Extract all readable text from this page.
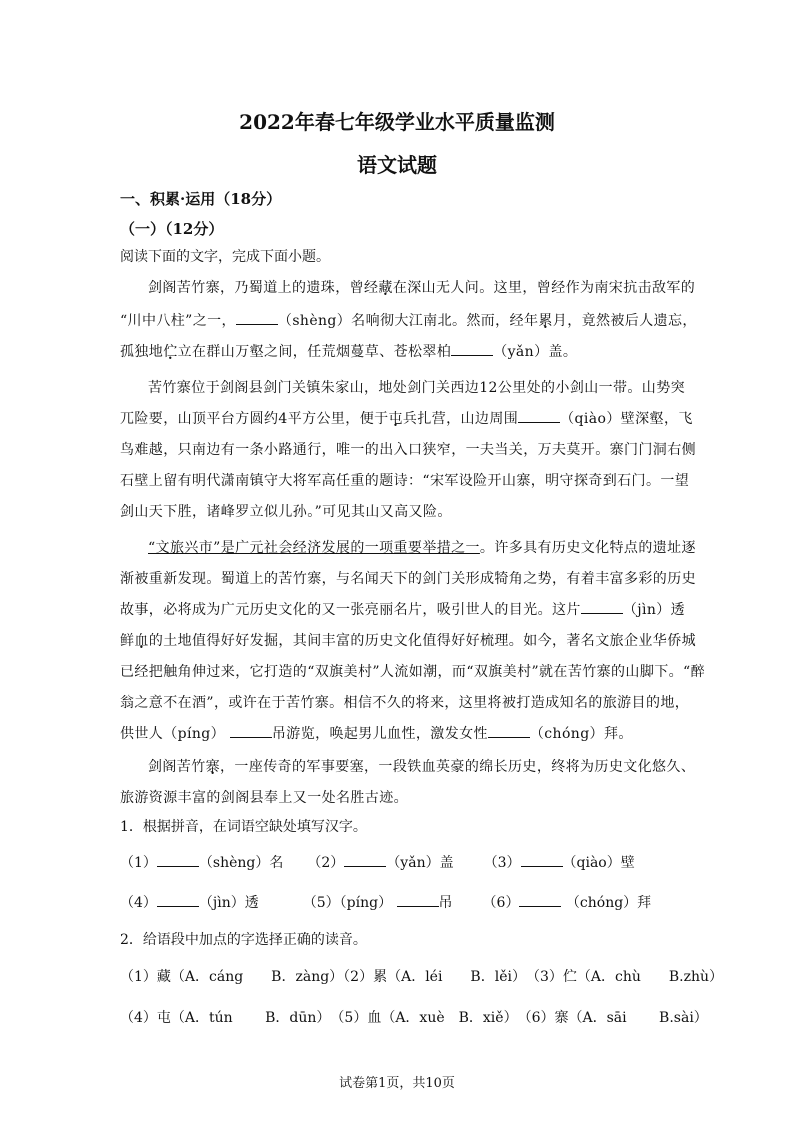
2022年春七年级学业水平质量监测
语文试题
一、积累·运用（18分）
（一）（12分）
阅读下面的文字，完成下面小题。
剑阁苦竹寨，乃蜀道上的遗珠，曾经藏在深山无人问。这里，曾经作为南宋抗击敌军的
“川中八柱”之一，	（shèng）名响彻大江南北。然而，经年累月，竟然被后人遗忘，
孤独地伫立在群山万壑之间，任荒烟蔓草、苍松翠柏	（yǎn）盖。
苦竹寨位于剑阁县剑门关镇朱家山，地处剑门关西边12公里处的小剑山一带。山势突
兀险要，山顶平台方圆约4平方公里，便于屯兵扎营，山边周围	（qiào）壁深壑，飞
鸟难越，只南边有一条小路通行，唯一的出入口狭窄，一夫当关，万夫莫开。寨门门洞右侧
石壁上留有明代潇南镇守大将军高任重的题诗：“宋军设险开山寨，明守探奇到石门。一望
剑山天下胜，诸峰罗立似儿孙。”可见其山又高又险。
“文旅兴市”是广元社会经济发展的一项重要举措之一。许多具有历史文化特点的遗址逐
渐被重新发现。蜀道上的苦竹寨，与名闻天下的剑门关形成犄角之势，有着丰富多彩的历史
故事，必将成为广元历史文化的又一张亮丽名片，吸引世人的目光。这片	（jìn）透
鲜血的土地值得好好发掘，其间丰富的历史文化值得好好梳理。如今，著名文旅企业华侨城
已经把触角伸过来，它打造的“双旗美村”人流如潮，而“双旗美村”就在苦竹寨的山脚下。“醉
翁之意不在酒”，或许在于苦竹寨。相信不久的将来，这里将被打造成知名的旅游目的地，
供世人（píng）	吊游览，唤起男儿血性，激发女性	（chóng）拜。
剑阁苦竹寨，一座传奇的军事要塞，一段铁血英豪的绵长历史，终将为历史文化悠久、
旅游资源丰富的剑阁县奉上又一处名胜古迹。
1．根据拼音，在词语空缺处填写汉字。
（1）	（shèng）名 （2）	（yǎn）盖 （3）	（qiào）壁
（4）	（jìn）透	（5）（píng）	吊 （6）	（chóng）拜
2．给语段中加点的字选择正确的读音。
（1）藏（A．cáng　　B．zàng）（2）累（A．léi　　B．lěi）　（3）伫（A．chù　　B.zhù）
（4）屯（A．tún　　 B．dūn）　（5）血（A．xuè　B．xiě）　（6）寨（A．sāi　　 B.sài）
试卷第1页，共10页
